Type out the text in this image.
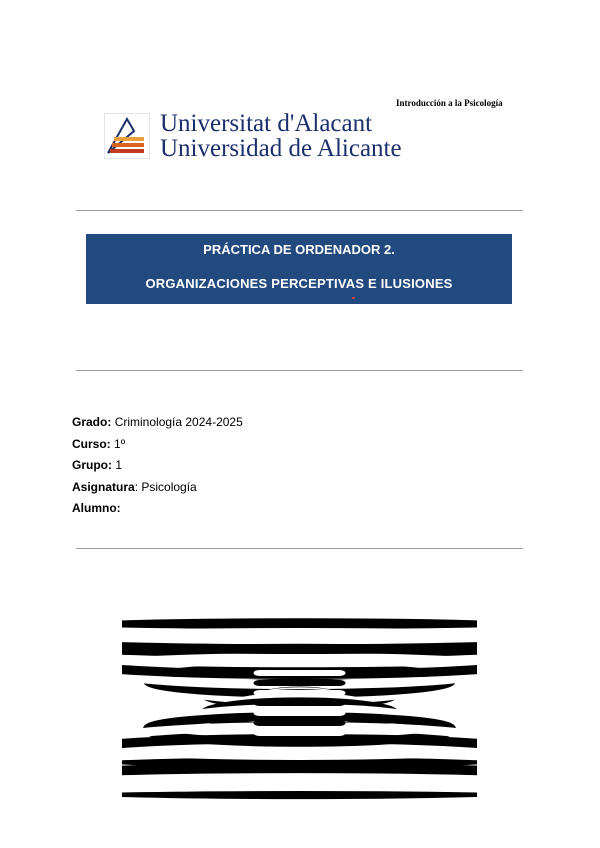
Introducción a la Psicología
Universitat d'Alacant
Universidad de Alicante
PRÁCTICA DE ORDENADOR 2.
ORGANIZACIONES PERCEPTIVAS E ILUSIONES
Grado: Criminología 2024-2025
Curso: 1º
Grupo: 1
Asignatura: Psicología
Alumno:
